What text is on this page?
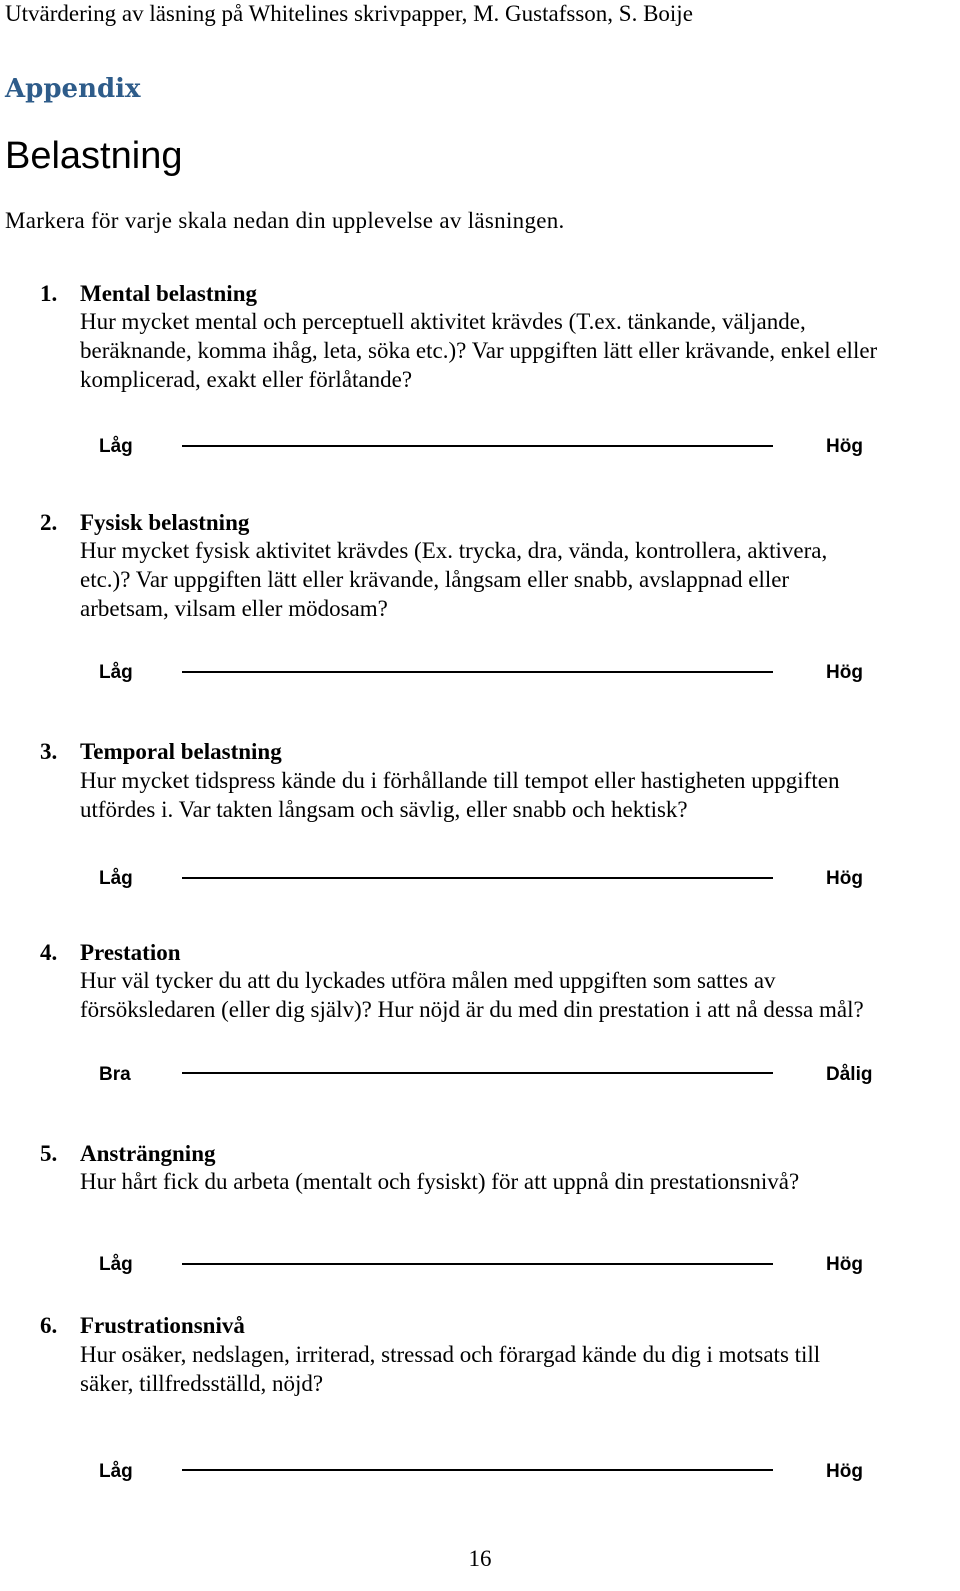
Utvärdering av läsning på Whitelines skrivpapper, M. Gustafsson, S. Boije
Appendix
Belastning
Markera för varje skala nedan din upplevelse av läsningen.
1. Mental belastning
Hur mycket mental och perceptuell aktivitet krävdes (T.ex. tänkande, väljande,
beräknande, komma ihåg, leta, söka etc.)? Var uppgiften lätt eller krävande, enkel eller
komplicerad, exakt eller förlåtande?
Låg	Hög
2. Fysisk belastning
Hur mycket fysisk aktivitet krävdes (Ex. trycka, dra, vända, kontrollera, aktivera,
etc.)? Var uppgiften lätt eller krävande, långsam eller snabb, avslappnad eller
arbetsam, vilsam eller mödosam?
Låg	Hög
3. Temporal belastning
Hur mycket tidspress kände du i förhållande till tempot eller hastigheten uppgiften
utfördes i. Var takten långsam och sävlig, eller snabb och hektisk?
Låg	Hög
4. Prestation
Hur väl tycker du att du lyckades utföra målen med uppgiften som sattes av
försöksledaren (eller dig själv)? Hur nöjd är du med din prestation i att nå dessa mål?
Bra	Dålig
5. Ansträngning
Hur hårt fick du arbeta (mentalt och fysiskt) för att uppnå din prestationsnivå?
Låg	Hög
6. Frustrationsnivå
Hur osäker, nedslagen, irriterad, stressad och förargad kände du dig i motsats till
säker, tillfredsställd, nöjd?
Låg	Hög
16
